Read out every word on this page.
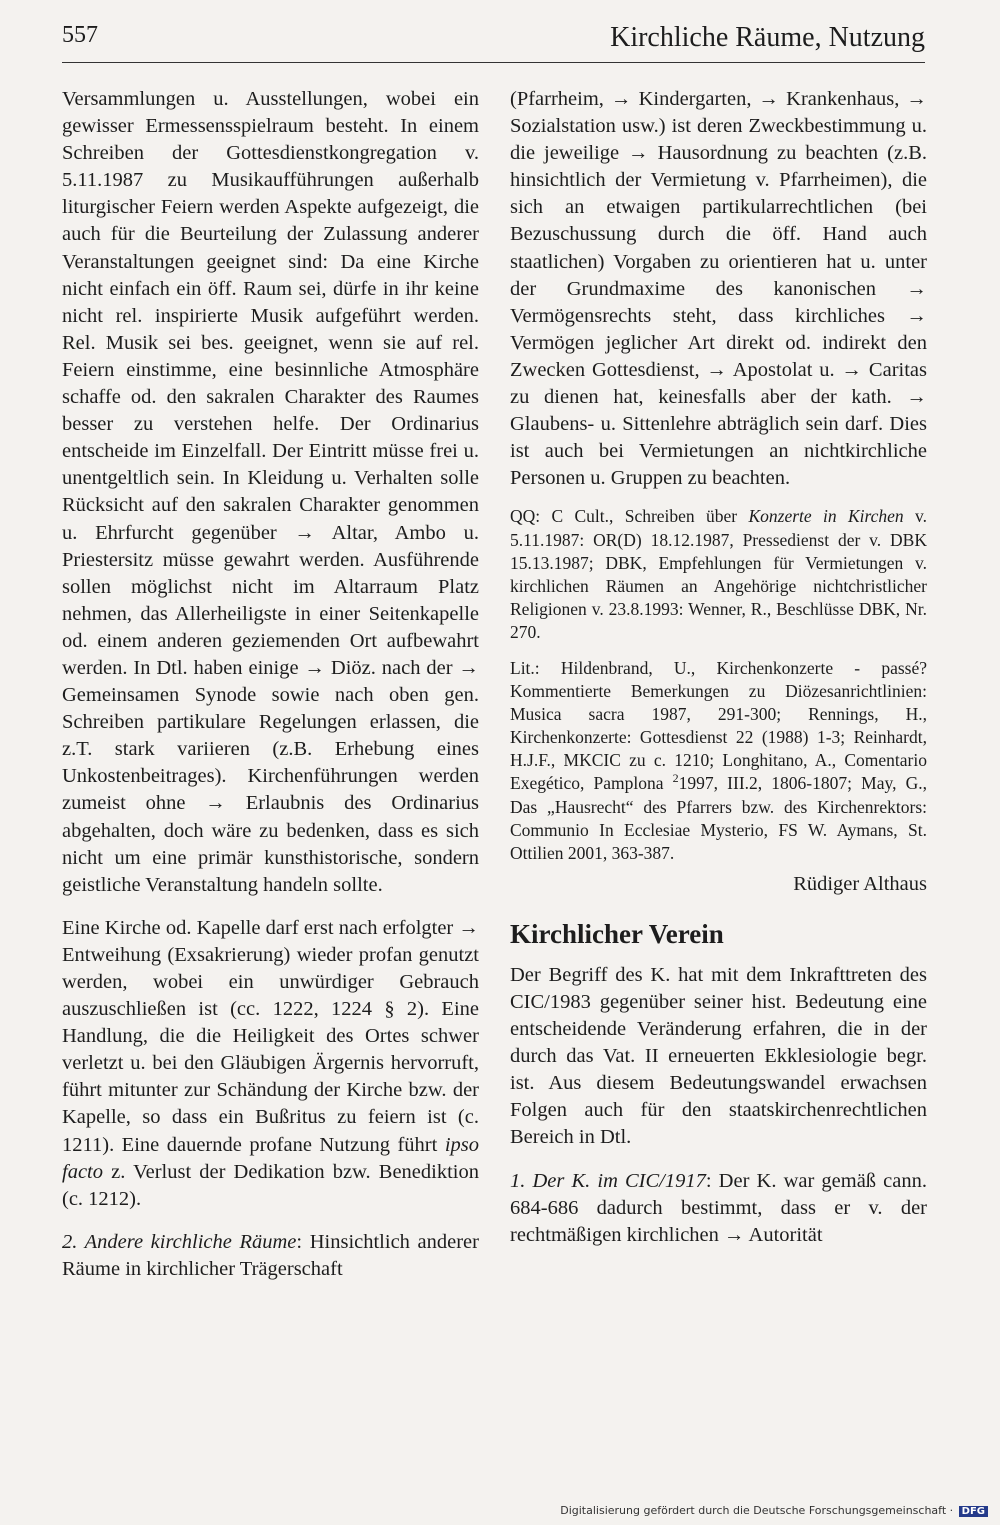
557	Kirchliche Räume, Nutzung

Versammlungen u. Ausstellungen, wobei ein gewisser Ermessensspielraum besteht. In einem Schreiben der Gottesdienstkongregation v. 5.11.1987 zu Musikaufführungen außerhalb liturgischer Feiern werden Aspekte aufgezeigt, die auch für die Beurteilung der Zulassung anderer Veranstaltungen geeignet sind: Da eine Kirche nicht einfach ein öff. Raum sei, dürfe in ihr keine nicht rel. inspirierte Musik aufgeführt werden. Rel. Musik sei bes. geeignet, wenn sie auf rel. Feiern einstimme, eine besinnliche Atmosphäre schaffe od. den sakralen Charakter des Raumes besser zu verstehen helfe. Der Ordinarius entscheide im Einzelfall. Der Eintritt müsse frei u. unentgeltlich sein. In Kleidung u. Verhalten solle Rücksicht auf den sakralen Charakter genommen u. Ehrfurcht gegenüber → Altar, Ambo u. Priestersitz müsse gewahrt werden. Ausführende sollen möglichst nicht im Altarraum Platz nehmen, das Allerheiligste in einer Seitenkapelle od. einem anderen geziemenden Ort aufbewahrt werden. In Dtl. haben einige → Diöz. nach der → Gemeinsamen Synode sowie nach oben gen. Schreiben partikulare Regelungen erlassen, die z.T. stark variieren (z.B. Erhebung eines Unkostenbeitrages). Kirchenführungen werden zumeist ohne → Erlaubnis des Ordinarius abgehalten, doch wäre zu bedenken, dass es sich nicht um eine primär kunsthistorische, sondern geistliche Veranstaltung handeln sollte.

Eine Kirche od. Kapelle darf erst nach erfolgter → Entweihung (Exsakrierung) wieder profan genutzt werden, wobei ein unwürdiger Gebrauch auszuschließen ist (cc. 1222, 1224 § 2). Eine Handlung, die die Heiligkeit des Ortes schwer verletzt u. bei den Gläubigen Ärgernis hervorruft, führt mitunter zur Schändung der Kirche bzw. der Kapelle, so dass ein Bußritus zu feiern ist (c. 1211). Eine dauernde profane Nutzung führt ipso facto z. Verlust der Dedikation bzw. Benediktion (c. 1212).

2. Andere kirchliche Räume: Hinsichtlich anderer Räume in kirchlicher Trägerschaft

(Pfarrheim, → Kindergarten, → Krankenhaus, → Sozialstation usw.) ist deren Zweckbestimmung u. die jeweilige → Hausordnung zu beachten (z.B. hinsichtlich der Vermietung v. Pfarrheimen), die sich an etwaigen partikularrechtlichen (bei Bezuschussung durch die öff. Hand auch staatlichen) Vorgaben zu orientieren hat u. unter der Grundmaxime des kanonischen → Vermögensrechts steht, dass kirchliches → Vermögen jeglicher Art direkt od. indirekt den Zwecken Gottesdienst, → Apostolat u. → Caritas zu dienen hat, keinesfalls aber der kath. → Glaubens- u. Sittenlehre abträglich sein darf. Dies ist auch bei Vermietungen an nichtkirchliche Personen u. Gruppen zu beachten.

QQ: C Cult., Schreiben über Konzerte in Kirchen v. 5.11.1987: OR(D) 18.12.1987, Pressedienst der v. DBK 15.13.1987; DBK, Empfehlungen für Vermietungen v. kirchlichen Räumen an Angehörige nichtchristlicher Religionen v. 23.8.1993: Wenner, R., Beschlüsse DBK, Nr. 270.

Lit.: Hildenbrand, U., Kirchenkonzerte - passé? Kommentierte Bemerkungen zu Diözesanrichtlinien: Musica sacra 1987, 291-300; Rennings, H., Kirchenkonzerte: Gottesdienst 22 (1988) 1-3; Reinhardt, H.J.F., MKCIC zu c. 1210; Longhitano, A., Comentario Exegético, Pamplona $^2$1997, III.2, 1806-1807; May, G., Das „Hausrecht“ des Pfarrers bzw. des Kirchenrektors: Communio In Ecclesiae Mysterio, FS W. Aymans, St. Ottilien 2001, 363-387.

Rüdiger Althaus

Kirchlicher Verein

Der Begriff des K. hat mit dem Inkrafttreten des CIC/1983 gegenüber seiner hist. Bedeutung eine entscheidende Veränderung erfahren, die in der durch das Vat. II erneuerten Ekklesiologie begr. ist. Aus diesem Bedeutungswandel erwachsen Folgen auch für den staatskirchenrechtlichen Bereich in Dtl.

1. Der K. im CIC/1917: Der K. war gemäß cann. 684-686 dadurch bestimmt, dass er v. der rechtmäßigen kirchlichen → Autorität

Digitalisierung gefördert durch die Deutsche Forschungsgemeinschaft · DFG
